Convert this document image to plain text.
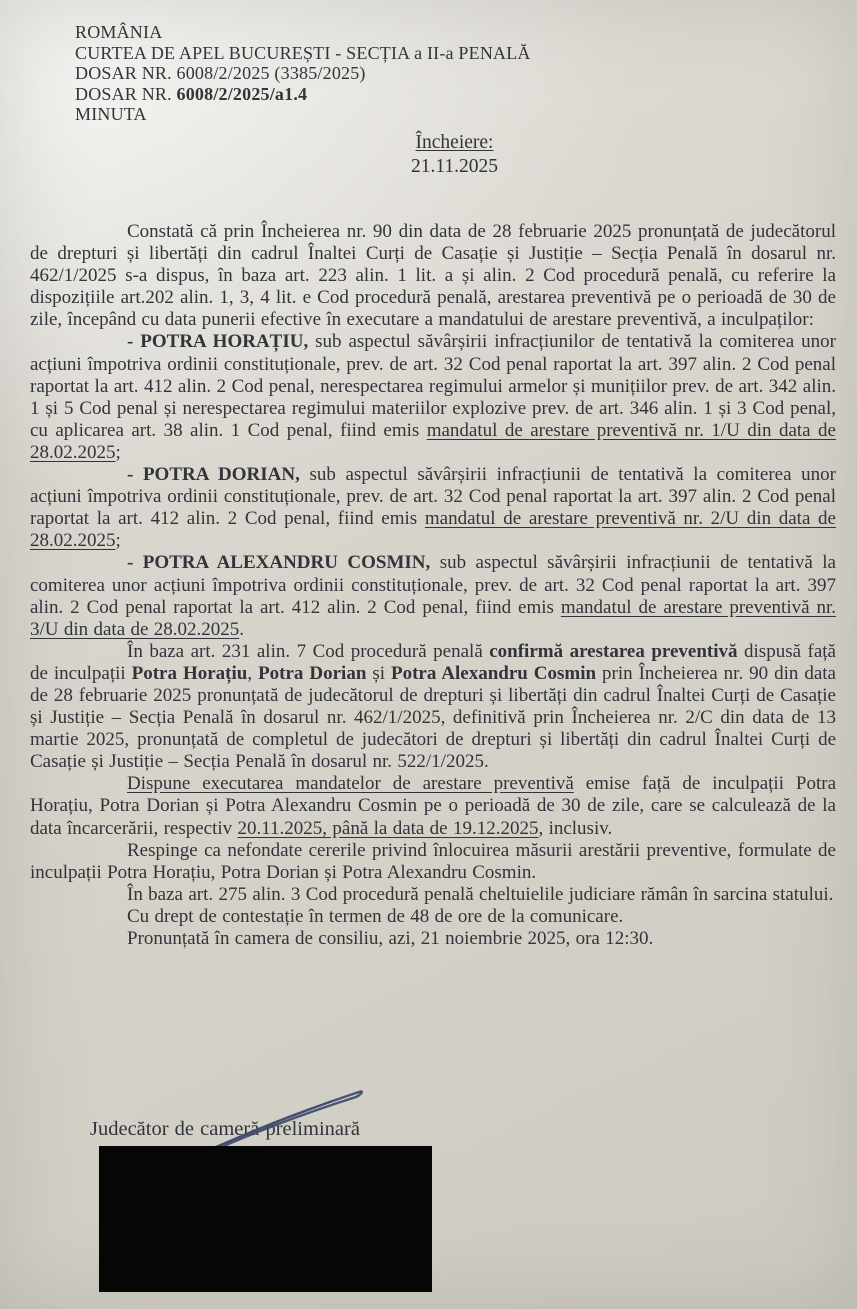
ROMÂNIA
CURTEA DE APEL BUCUREȘTI - SECȚIA a II-a PENALĂ
DOSAR NR. 6008/2/2025 (3385/2025)
DOSAR NR. 6008/2/2025/a1.4
MINUTA
Încheiere:
21.11.2025

Constată că prin Încheierea nr. 90 din data de 28 februarie 2025 pronunțată de judecătorul de drepturi și libertăți din cadrul Înaltei Curți de Casație și Justiție – Secția Penală în dosarul nr. 462/1/2025 s-a dispus, în baza art. 223 alin. 1 lit. a și alin. 2 Cod procedură penală, cu referire la dispozițiile art.202 alin. 1, 3, 4 lit. e Cod procedură penală, arestarea preventivă pe o perioadă de 30 de zile, începând cu data punerii efective în executare a mandatului de arestare preventivă, a inculpaților:

- POTRA HORAȚIU, sub aspectul săvârșirii infracțiunilor de tentativă la comiterea unor acțiuni împotriva ordinii constituționale, prev. de art. 32 Cod penal raportat la art. 397 alin. 2 Cod penal raportat la art. 412 alin. 2 Cod penal, nerespectarea regimului armelor și munițiilor prev. de art. 342 alin. 1 și 5 Cod penal și nerespectarea regimului materiilor explozive prev. de art. 346 alin. 1 și 3 Cod penal, cu aplicarea art. 38 alin. 1 Cod penal, fiind emis mandatul de arestare preventivă nr. 1/U din data de 28.02.2025;

- POTRA DORIAN, sub aspectul săvârșirii infracțiunii de tentativă la comiterea unor acțiuni împotriva ordinii constituționale, prev. de art. 32 Cod penal raportat la art. 397 alin. 2 Cod penal raportat la art. 412 alin. 2 Cod penal, fiind emis mandatul de arestare preventivă nr. 2/U din data de 28.02.2025;

- POTRA ALEXANDRU COSMIN, sub aspectul săvârșirii infracțiunii de tentativă la comiterea unor acțiuni împotriva ordinii constituționale, prev. de art. 32 Cod penal raportat la art. 397 alin. 2 Cod penal raportat la art. 412 alin. 2 Cod penal, fiind emis mandatul de arestare preventivă nr. 3/U din data de 28.02.2025.

În baza art. 231 alin. 7 Cod procedură penală confirmă arestarea preventivă dispusă față de inculpații Potra Horațiu, Potra Dorian și Potra Alexandru Cosmin prin Încheierea nr. 90 din data de 28 februarie 2025 pronunțată de judecătorul de drepturi și libertăți din cadrul Înaltei Curți de Casație și Justiție – Secția Penală în dosarul nr. 462/1/2025, definitivă prin Încheierea nr. 2/C din data de 13 martie 2025, pronunțată de completul de judecători de drepturi și libertăți din cadrul Înaltei Curți de Casație și Justiție – Secția Penală în dosarul nr. 522/1/2025.

Dispune executarea mandatelor de arestare preventivă emise față de inculpații Potra Horațiu, Potra Dorian și Potra Alexandru Cosmin pe o perioadă de 30 de zile, care se calculează de la data încarcerării, respectiv 20.11.2025, până la data de 19.12.2025, inclusiv.

Respinge ca nefondate cererile privind înlocuirea măsurii arestării preventive, formulate de inculpații Potra Horațiu, Potra Dorian și Potra Alexandru Cosmin.

În baza art. 275 alin. 3 Cod procedură penală cheltuielile judiciare rămân în sarcina statului.

Cu drept de contestație în termen de 48 de ore de la comunicare.

Pronunțată în camera de consiliu, azi, 21 noiembrie 2025, ora 12:30.

Judecător de cameră preliminară
